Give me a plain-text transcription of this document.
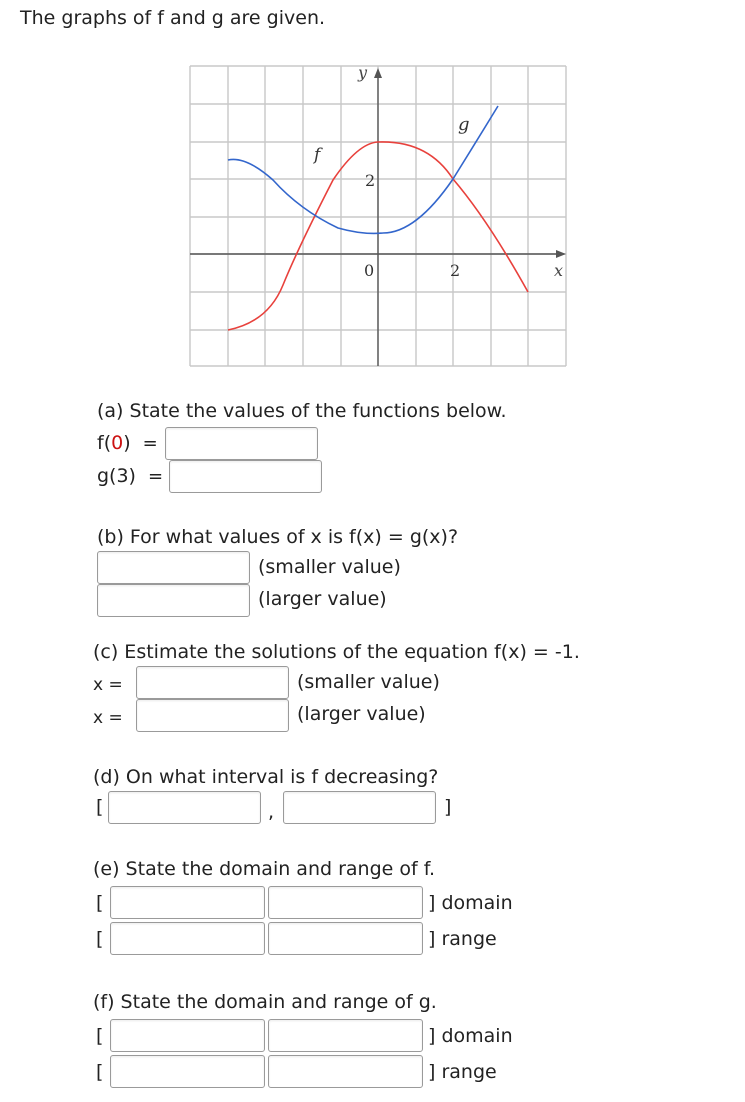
The graphs of f and g are given.
y
x
f
g
2
0	2
(a) State the values of the functions below.
f(0) =
g(3) =
(b) For what values of x is f(x) = g(x)?
(smaller value)
(larger value)
(c) Estimate the solutions of the equation f(x) = -1.
x =	(smaller value)
x =	(larger value)
(d) On what interval is f decreasing?
[	,	]
(e) State the domain and range of f.
[	] domain
[	] range
(f) State the domain and range of g.
[	] domain
[	] range
